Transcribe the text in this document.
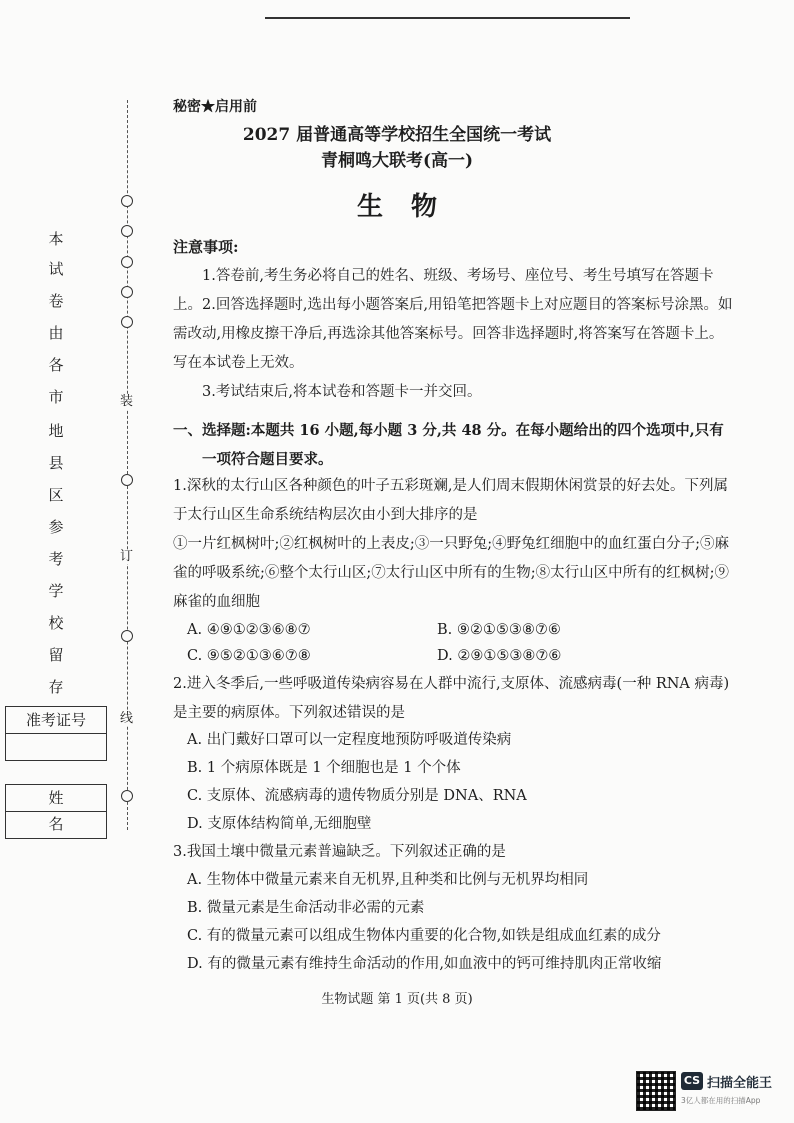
装
订
线
本
试
卷
由
各
市
地
县
区
参
考
学
校
留
存
准考证号
姓 名
秘密★启用前
2027 届普通高等学校招生全国统一考试
青桐鸣大联考(高一)
生物
注意事项:
1.答卷前,考生务必将自己的姓名、班级、考场号、座位号、考生号填写在答题卡上。 2.回答选择题时,选出每小题答案后,用铅笔把答题卡上对应题目的答案标号涂黑。如需改动,用橡皮擦干净后,再选涂其他答案标号。回答非选择题时,将答案写在答题卡上。写在本试卷上无效。
3.考试结束后,将本试卷和答题卡一并交回。
一、选择题:本题共 16 小题,每小题 3 分,共 48 分。在每小题给出的四个选项中,只有一项符合题目要求。
1.深秋的太行山区各种颜色的叶子五彩斑斓,是人们周末假期休闲赏景的好去处。下列属于太行山区生命系统结构层次由小到大排序的是
①一片红枫树叶;②红枫树叶的上表皮;③一只野兔;④野兔红细胞中的血红蛋白分子;⑤麻雀的呼吸系统;⑥整个太行山区;⑦太行山区中所有的生物;⑧太行山区中所有的红枫树;⑨麻雀的血细胞
A. ④⑨①②③⑥⑧⑦	B. ⑨②①⑤③⑧⑦⑥
C. ⑨⑤②①③⑥⑦⑧	D. ②⑨①⑤③⑧⑦⑥
2.进入冬季后,一些呼吸道传染病容易在人群中流行,支原体、流感病毒(一种 RNA 病毒)是主要的病原体。下列叙述错误的是
A. 出门戴好口罩可以一定程度地预防呼吸道传染病
B. 1 个病原体既是 1 个细胞也是 1 个个体
C. 支原体、流感病毒的遗传物质分别是 DNA、RNA
D. 支原体结构简单,无细胞壁
3.我国土壤中微量元素普遍缺乏。下列叙述正确的是
A. 生物体中微量元素来自无机界,且种类和比例与无机界均相同
B. 微量元素是生命活动非必需的元素
C. 有的微量元素可以组成生物体内重要的化合物,如铁是组成血红素的成分
D. 有的微量元素有维持生命活动的作用,如血液中的钙可维持肌肉正常收缩
生物试题 第 1 页(共 8 页)
CS 扫描全能王
3亿人都在用的扫描App
